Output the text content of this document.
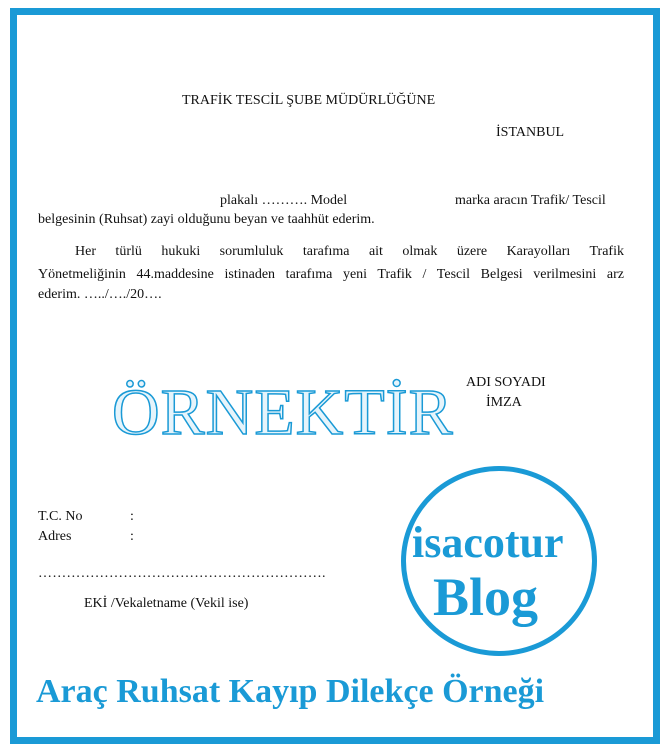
TRAFİK TESCİL ŞUBE MÜDÜRLÜĞÜNE
İSTANBUL
plakalı ………. Model	marka aracın Trafik/ Tescil
belgesinin (Ruhsat) zayi olduğunu beyan ve taahhüt ederim.
Her türlü hukuki sorumluluk tarafıma ait olmak üzere Karayolları Trafik
Yönetmeliğinin 44.maddesine istinaden tarafıma yeni Trafik / Tescil Belgesi verilmesini arz
ederim. …../…./20….
ADI SOYADI
İMZA
ÖRNEKTİR
T.C. No	:
Adres	:
…………………………………………………….
EKİ /Vekaletname (Vekil ise)
isacotur
Blog
Araç Ruhsat Kayıp Dilekçe Örneği
